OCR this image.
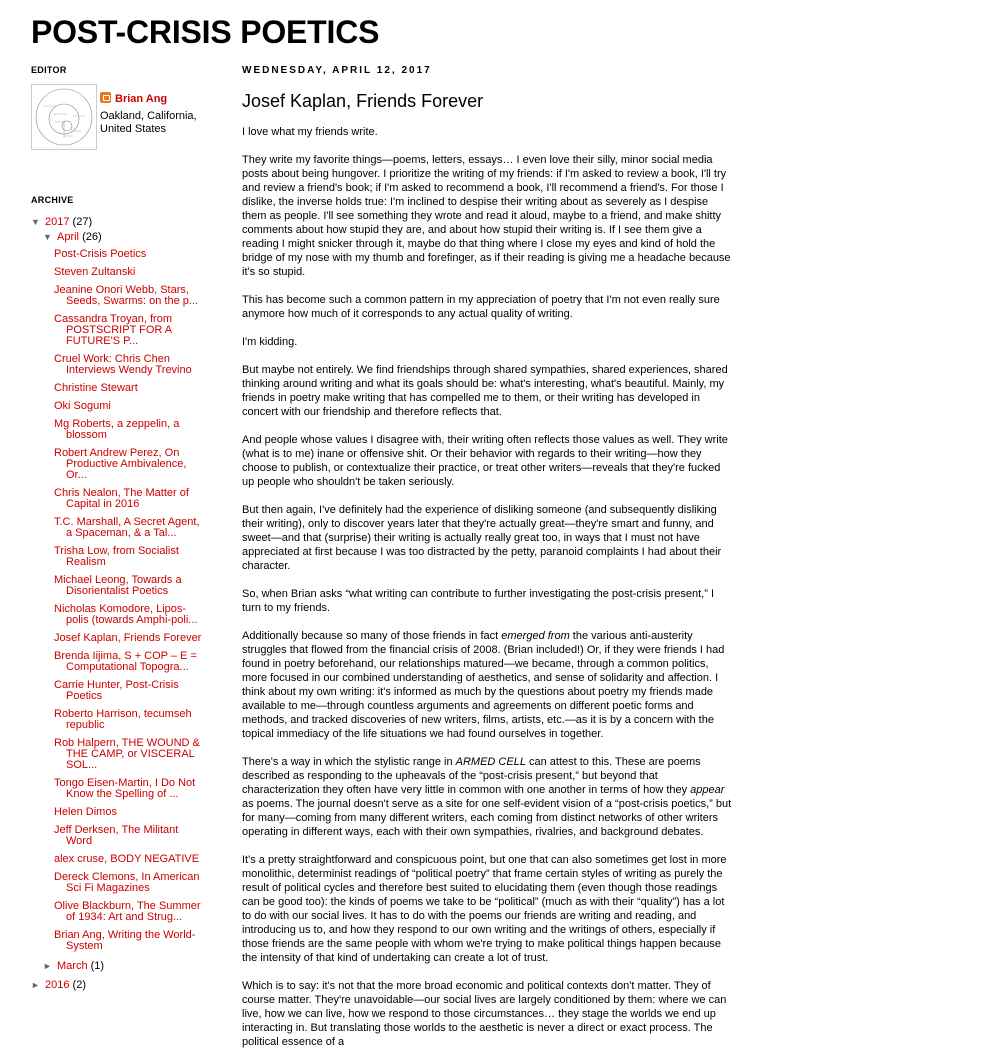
POST-CRISIS POETICS
EDITOR
Brian Ang
Oakland, California, United States
ARCHIVE
▼ 2017 (27)
▼ April (26)
Post-Crisis Poetics
Steven Zultanski
Jeanine Onori Webb, Stars, Seeds, Swarms: on the p...
Cassandra Troyan, from POSTSCRIPT FOR A FUTURE'S P...
Cruel Work: Chris Chen Interviews Wendy Trevino
Christine Stewart
Oki Sogumi
Mg Roberts, a zeppelin, a blossom
Robert Andrew Perez, On Productive Ambivalence, Or...
Chris Nealon, The Matter of Capital in 2016
T.C. Marshall, A Secret Agent, a Spaceman, & a Tal...
Trisha Low, from Socialist Realism
Michael Leong, Towards a Disorientalist Poetics
Nicholas Komodore, Lipos-polis (towards Amphi-poli...
Josef Kaplan, Friends Forever
Brenda Iijima, S + COP – E = Computational Topogra...
Carrie Hunter, Post-Crisis Poetics
Roberto Harrison, tecumseh republic
Rob Halpern, THE WOUND & THE CAMP, or VISCERAL SOL...
Tongo Eisen-Martin, I Do Not Know the Spelling of ...
Helen Dimos
Jeff Derksen, The Militant Word
alex cruse, BODY NEGATIVE
Dereck Clemons, In American Sci Fi Magazines
Olive Blackburn, The Summer of 1934: Art and Strug...
Brian Ang, Writing the World-System
► March (1)
► 2016 (2)
WEDNESDAY, APRIL 12, 2017
Josef Kaplan, Friends Forever

I love what my friends write.

They write my favorite things—poems, letters, essays… I even love their silly, minor social media posts about being hungover. I prioritize the writing of my friends: if I'm asked to review a book, I'll try and review a friend's book; if I'm asked to recommend a book, I'll recommend a friend's. For those I dislike, the inverse holds true: I'm inclined to despise their writing about as severely as I despise them as people. I'll see something they wrote and read it aloud, maybe to a friend, and make shitty comments about how stupid they are, and about how stupid their writing is. If I see them give a reading I might snicker through it, maybe do that thing where I close my eyes and kind of hold the bridge of my nose with my thumb and forefinger, as if their reading is giving me a headache because it's so stupid.

This has become such a common pattern in my appreciation of poetry that I'm not even really sure anymore how much of it corresponds to any actual quality of writing.

I'm kidding.

But maybe not entirely. We find friendships through shared sympathies, shared experiences, shared thinking around writing and what its goals should be: what's interesting, what's beautiful. Mainly, my friends in poetry make writing that has compelled me to them, or their writing has developed in concert with our friendship and therefore reflects that.

And people whose values I disagree with, their writing often reflects those values as well. They write (what is to me) inane or offensive shit. Or their behavior with regards to their writing—how they choose to publish, or contextualize their practice, or treat other writers—reveals that they're fucked up people who shouldn't be taken seriously.

But then again, I've definitely had the experience of disliking someone (and subsequently disliking their writing), only to discover years later that they're actually great—they're smart and funny, and sweet—and that (surprise) their writing is actually really great too, in ways that I must not have appreciated at first because I was too distracted by the petty, paranoid complaints I had about their character.

So, when Brian asks “what writing can contribute to further investigating the post-crisis present,” I turn to my friends.

Additionally because so many of those friends in fact emerged from the various anti-austerity struggles that flowed from the financial crisis of 2008. (Brian included!) Or, if they were friends I had found in poetry beforehand, our relationships matured—we became, through a common politics, more focused in our combined understanding of aesthetics, and sense of solidarity and affection. I think about my own writing: it's informed as much by the questions about poetry my friends made available to me—through countless arguments and agreements on different poetic forms and methods, and tracked discoveries of new writers, films, artists, etc.—as it is by a concern with the topical immediacy of the life situations we had found ourselves in together.

There's a way in which the stylistic range in ARMED CELL can attest to this. These are poems described as responding to the upheavals of the “post-crisis present,” but beyond that characterization they often have very little in common with one another in terms of how they appear as poems. The journal doesn't serve as a site for one self-evident vision of a “post-crisis poetics,” but for many—coming from many different writers, each coming from distinct networks of other writers operating in different ways, each with their own sympathies, rivalries, and background debates.

It's a pretty straightforward and conspicuous point, but one that can also sometimes get lost in more monolithic, determinist readings of “political poetry” that frame certain styles of writing as purely the result of political cycles and therefore best suited to elucidating them (even though those readings can be good too): the kinds of poems we take to be “political” (much as with their “quality”) has a lot to do with our social lives. It has to do with the poems our friends are writing and reading, and introducing us to, and how they respond to our own writing and the writings of others, especially if those friends are the same people with whom we're trying to make political things happen because the intensity of that kind of undertaking can create a lot of trust.

Which is to say: it's not that the more broad economic and political contexts don't matter. They of course matter. They're unavoidable—our social lives are largely conditioned by them: where we can live, how we can live, how we respond to those circumstances… they stage the worlds we end up interacting in. But translating those worlds to the aesthetic is never a direct or exact process. The political essence of a
